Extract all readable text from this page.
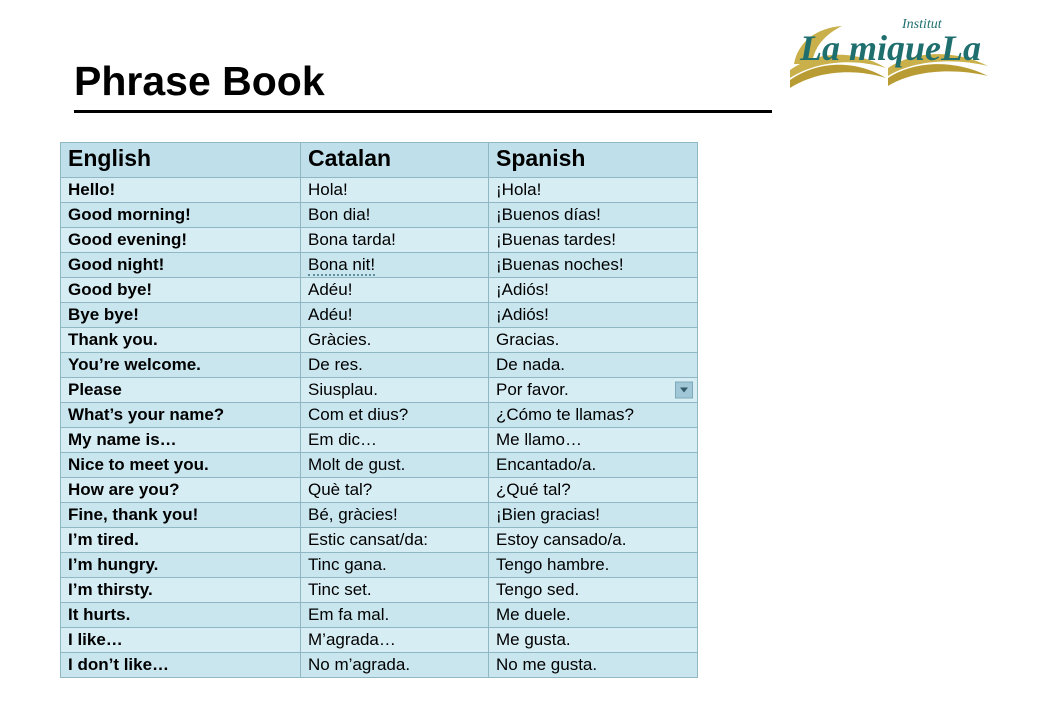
Institut
La miqueLa
Phrase Book
English	Catalan	Spanish
Hello!	Hola!	¡Hola!
Good morning!	Bon dia!	¡Buenos días!
Good evening!	Bona tarda!	¡Buenas tardes!
Good night!	Bona nit!	¡Buenas noches!
Good bye!	Adéu!	¡Adiós!
Bye bye!	Adéu!	¡Adiós!
Thank you.	Gràcies.	Gracias.
You’re welcome.	De res.	De nada.
Please	Siusplau.	Por favor.

What’s your name?	Com et dius?	¿Cómo te llamas?
My name is…	Em dic…	Me llamo…
Nice to meet you.	Molt de gust.	Encantado/a.
How are you?	Què tal?	¿Qué tal?
Fine, thank you!	Bé, gràcies!	¡Bien gracias!
I’m tired.	Estic cansat/da:	Estoy cansado/a.
I’m hungry.	Tinc gana.	Tengo hambre.
I’m thirsty.	Tinc set.	Tengo sed.
It hurts.	Em fa mal.	Me duele.
I like…	M’agrada…	Me gusta.
I don’t like…	No m’agrada.	No me gusta.
